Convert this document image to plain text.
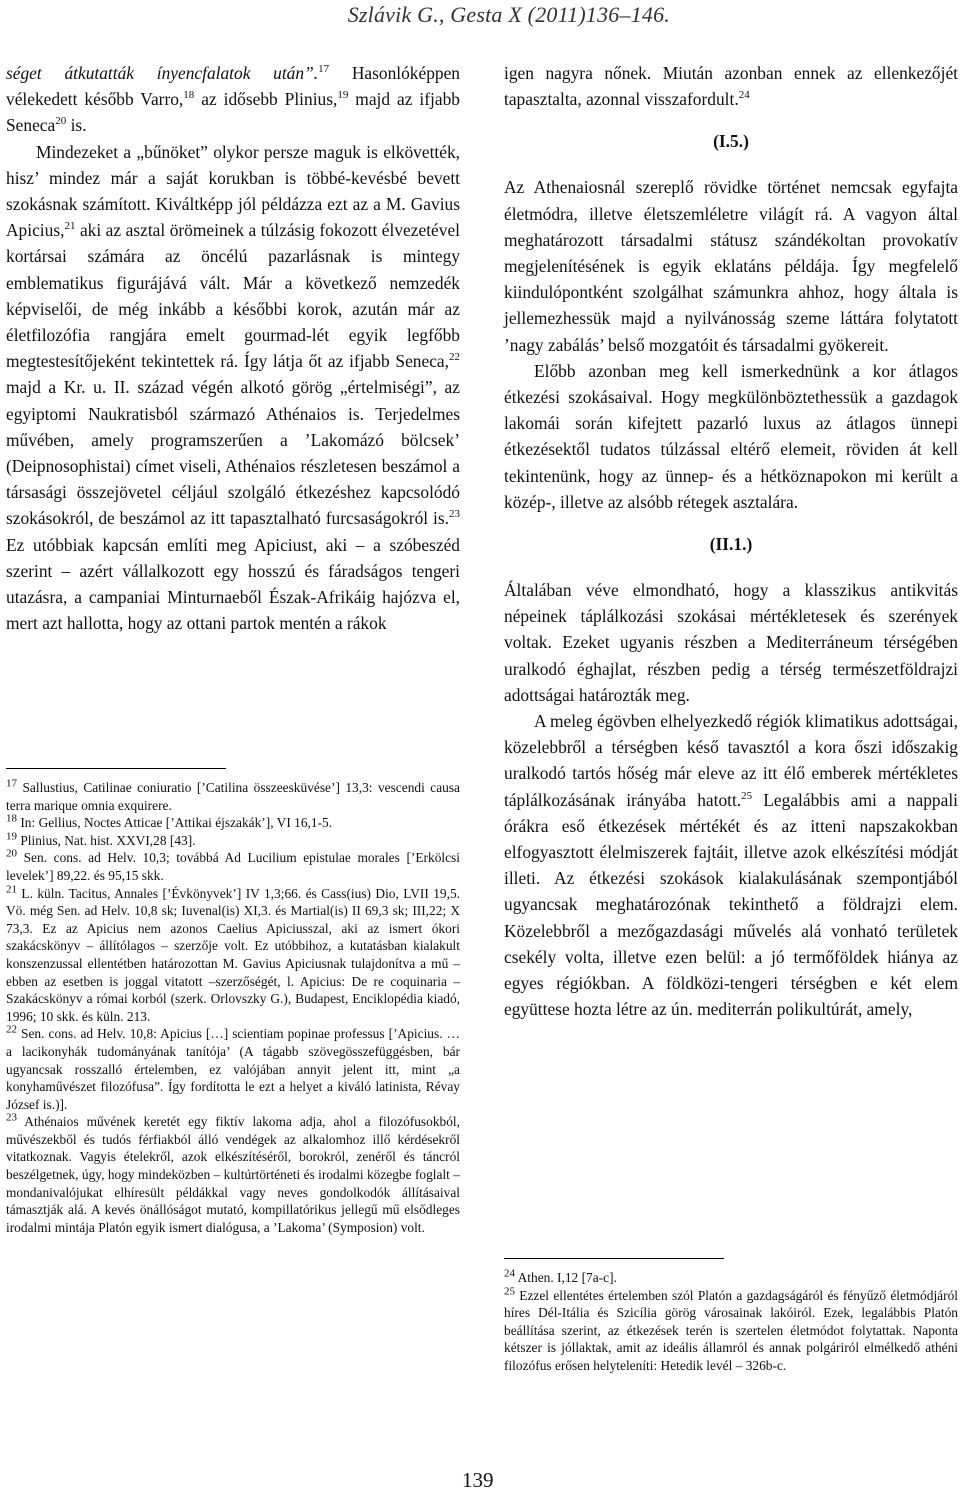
Szlávik G., Gesta X (2011)136–146.

séget átkutatták ínyencfalatok után”.$^{17}$ Hasonlóképpen vélekedett később Varro,$^{18}$ az idősebb Plinius,$^{19}$ majd az ifjabb Seneca$^{20}$ is.

Mindezeket a „bűnöket” olykor persze maguk is elkövették, hisz’ mindez már a saját korukban is többé-kevésbé bevett szokásnak számított. Kiváltképp jól példázza ezt az a M. Gavius Apicius,$^{21}$ aki az asztal örömeinek a túlzásig fokozott élvezetével kortársai számára az öncélú pazarlásnak is mintegy emblematikus figurájává vált. Már a következő nemzedék képviselői, de még inkább a későbbi korok, azután már az életfilozófia rangjára emelt gourmad-lét egyik legfőbb megtestesítőjeként tekintettek rá. Így látja őt az ifjabb Seneca,$^{22}$ majd a Kr. u. II. század végén alkotó görög „értelmiségi”, az egyiptomi Naukratisból származó Athénaios is. Terjedelmes művében, amely programszerűen a ’Lakomázó bölcsek’ (Deipnosophistai) címet viseli, Athénaios részletesen beszámol a társasági összejövetel céljául szolgáló étkezéshez kapcsolódó szokásokról, de beszámol az itt tapasztalható furcsaságokról is.$^{23}$ Ez utóbbiak kapcsán említi meg Apiciust, aki – a szóbeszéd szerint – azért vállalkozott egy hosszú és fáradságos tengeri utazásra, a campaniai Minturnaeből Észak-Afrikáig hajózva el, mert azt hallotta, hogy az ottani partok mentén a rákok

$^{17}$ Sallustius, Catilinae coniuratio [’Catilina összeesküvése’] 13,3: vescendi causa terra marique omnia exquirere.

$^{18}$ In: Gellius, Noctes Atticae [’Attikai éjszakák’], VI 16,1-5.

$^{19}$ Plinius, Nat. hist. XXVI,28 [43].

$^{20}$ Sen. cons. ad Helv. 10,3; továbbá Ad Lucilium epistulae morales [’Erkölcsi levelek’] 89,22. és 95,15 skk.

$^{21}$ L. küln. Tacitus, Annales [’Évkönyvek’] IV 1,3;66. és Cass(ius) Dio, LVII 19,5. Vö. még Sen. ad Helv. 10,8 sk; Iuvenal(is) XI,3. és Martial(is) II 69,3 sk; III,22; X 73,3. Ez az Apicius nem azonos Caelius Apiciusszal, aki az ismert ókori szakácskönyv – állítólagos – szerzője volt. Ez utóbbihoz, a kutatásban kialakult konszenzussal ellentétben határozottan M. Gavius Apiciusnak tulajdonítva a mű – ebben az esetben is joggal vitatott –szerzőségét, l. Apicius: De re coquinaria – Szakácskönyv a római korból (szerk. Orlovszky G.), Budapest, Enciklopédia kiadó, 1996; 10 skk. és küln. 213.

$^{22}$ Sen. cons. ad Helv. 10,8: Apicius […] scientiam popinae professus [’Apicius. … a lacikonyhák tudományának tanítója’ (A tágabb szövegösszefüggésben, bár ugyancsak rosszalló értelemben, ez valójában annyit jelent itt, mint „a konyhaművészet filozófusa”. Így fordította le ezt a helyet a kiváló latinista, Révay József is.)].

$^{23}$ Athénaios művének keretét egy fiktív lakoma adja, ahol a filozófusokból, művészekből és tudós férfiakból álló vendégek az alkalomhoz illő kérdésekről vitatkoznak. Vagyis ételekről, azok elkészítéséről, borokról, zenéről és táncról beszélgetnek, úgy, hogy mindeközben – kultúrtörténeti és irodalmi közegbe foglalt – mondanivalójukat elhíresült példákkal vagy neves gondolkodók állításaival támasztják alá. A kevés önállóságot mutató, kompillatórikus jellegű mű elsődleges irodalmi mintája Platón egyik ismert dialógusa, a ’Lakoma’ (Symposion) volt.

igen nagyra nőnek. Miután azonban ennek az ellenkezőjét tapasztalta, azonnal visszafordult.$^{24}$

(I.5.)

Az Athenaiosnál szereplő rövidke történet nemcsak egyfajta életmódra, illetve életszemléletre világít rá. A vagyon által meghatározott társadalmi státusz szándékoltan provokatív megjelenítésének is egyik eklatáns példája. Így megfelelő kiindulópontként szolgálhat számunkra ahhoz, hogy általa is jellemezhessük majd a nyilvánosság szeme láttára folytatott ’nagy zabálás’ belső mozgatóit és társadalmi gyökereit.

Előbb azonban meg kell ismerkednünk a kor átlagos étkezési szokásaival. Hogy megkülönböztethessük a gazdagok lakomái során kifejtett pazarló luxus az átlagos ünnepi étkezésektől tudatos túlzással eltérő elemeit, röviden át kell tekintenünk, hogy az ünnep- és a hétköznapokon mi került a közép-, illetve az alsóbb rétegek asztalára.

(II.1.)

Általában véve elmondható, hogy a klasszikus antikvitás népeinek táplálkozási szokásai mértékletesek és szerények voltak. Ezeket ugyanis részben a Mediterráneum térségében uralkodó éghajlat, részben pedig a térség természetföldrajzi adottságai határozták meg.

A meleg égövben elhelyezkedő régiók klimatikus adottságai, közelebbről a térségben késő tavasztól a kora őszi időszakig uralkodó tartós hőség már eleve az itt élő emberek mértékletes táplálkozásának irányába hatott.$^{25}$ Legalábbis ami a nappali órákra eső étkezések mértékét és az itteni napszakokban elfogyasztott élelmiszerek fajtáit, illetve azok elkészítési módját illeti. Az étkezési szokások kialakulásának szempontjából ugyancsak meghatározónak tekinthető a földrajzi elem. Közelebbről a mezőgazdasági művelés alá vonható területek csekély volta, illetve ezen belül: a jó termőföldek hiánya az egyes régiókban. A földközi-tengeri térségben e két elem együttese hozta létre az ún. mediterrán polikultúrát, amely,

$^{24}$ Athen. I,12 [7a-c].

$^{25}$ Ezzel ellentétes értelemben szól Platón a gazdagságáról és fényűző életmódjáról híres Dél-Itália és Szicília görög városainak lakóiról. Ezek, legalábbis Platón beállítása szerint, az étkezések terén is szertelen életmódot folytattak. Naponta kétszer is jóllaktak, amit az ideális államról és annak polgáriról elmélkedő athéni filozófus erősen helyteleníti: Hetedik levél – 326b-c.

139
